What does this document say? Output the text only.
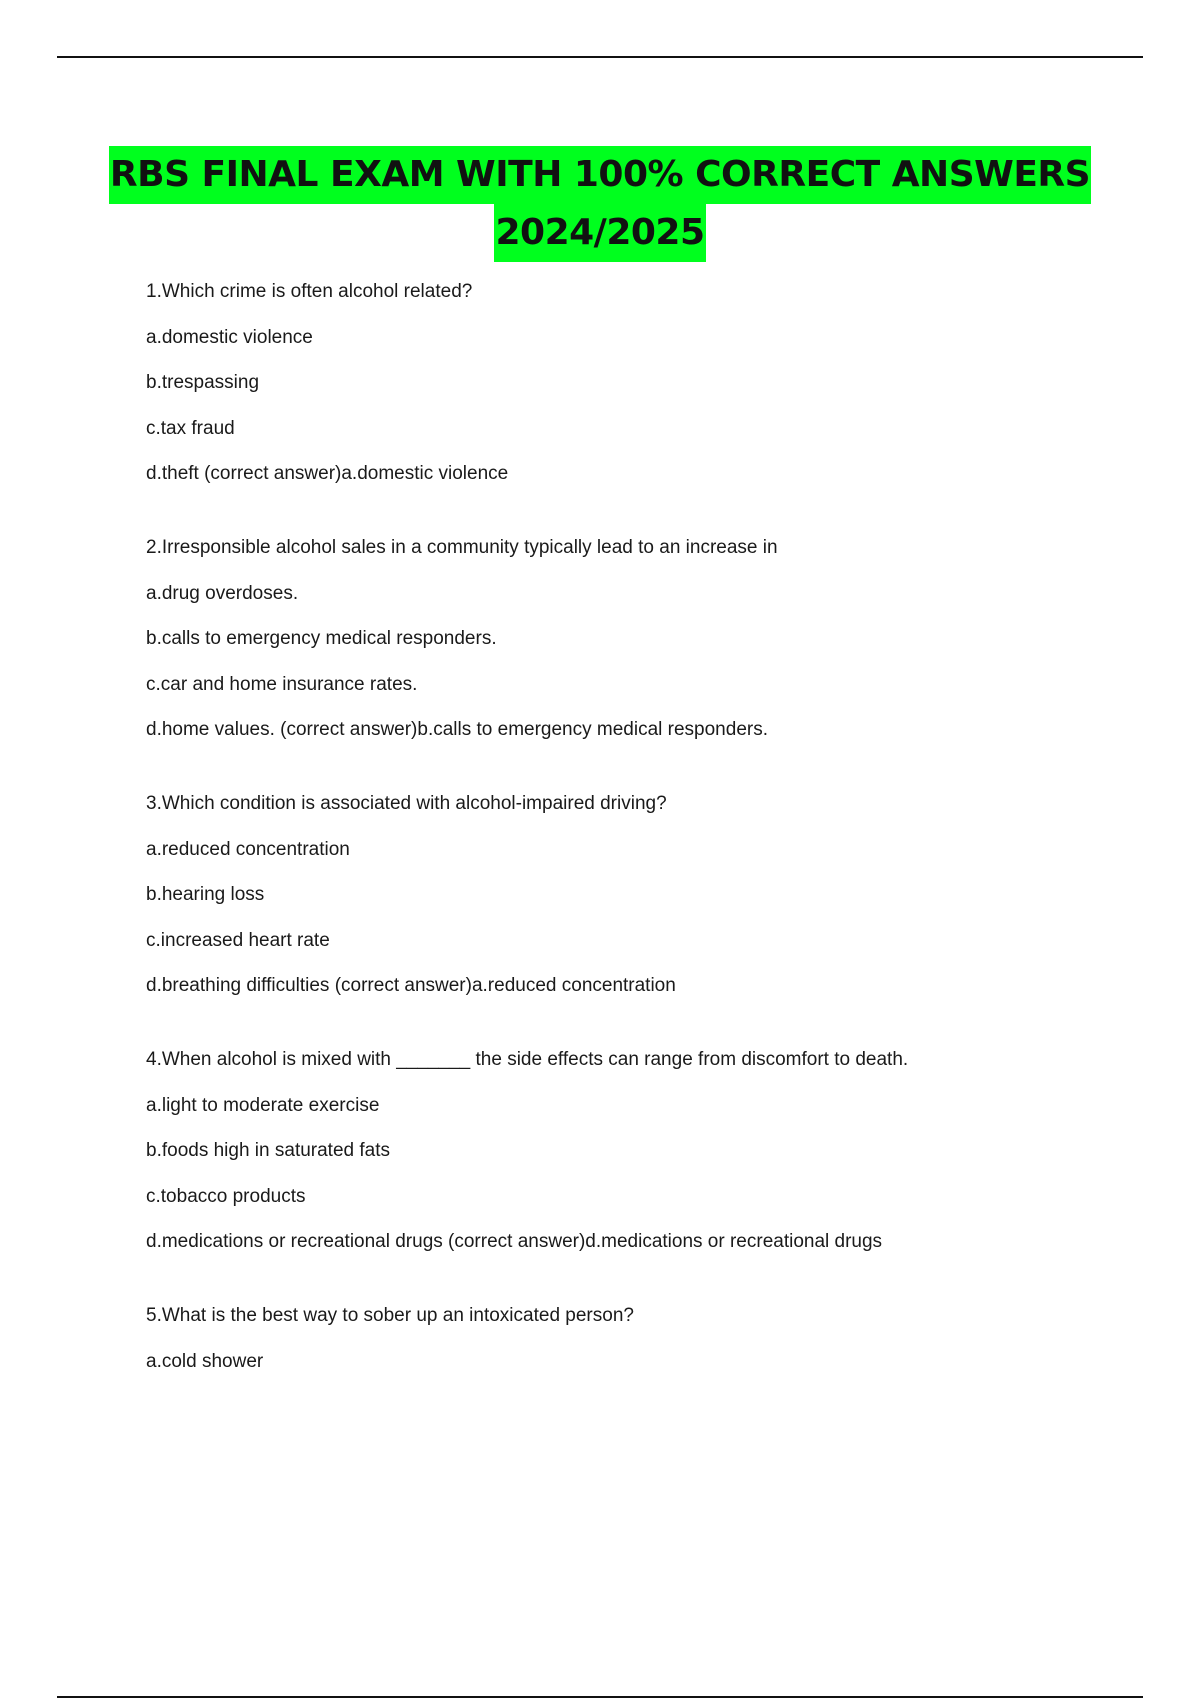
RBS FINAL EXAM WITH 100% CORRECT ANSWERS
2024/2025
1.Which crime is often alcohol related?
a.domestic violence
b.trespassing
c.tax fraud
d.theft (correct answer)a.domestic violence
2.Irresponsible alcohol sales in a community typically lead to an increase in
a.drug overdoses.
b.calls to emergency medical responders.
c.car and home insurance rates.
d.home values. (correct answer)b.calls to emergency medical responders.
3.Which condition is associated with alcohol-impaired driving?
a.reduced concentration
b.hearing loss
c.increased heart rate
d.breathing difficulties (correct answer)a.reduced concentration
4.When alcohol is mixed with _______ the side effects can range from discomfort to death.
a.light to moderate exercise
b.foods high in saturated fats
c.tobacco products
d.medications or recreational drugs (correct answer)d.medications or recreational drugs
5.What is the best way to sober up an intoxicated person?
a.cold shower
